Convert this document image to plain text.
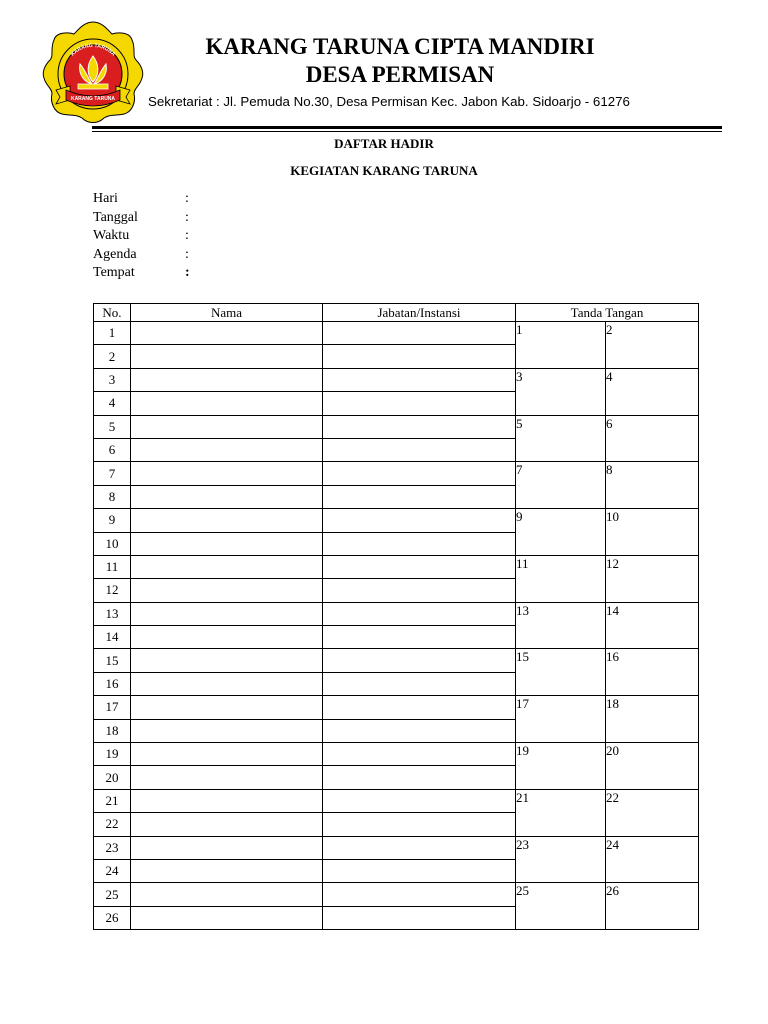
KARANG TARUNA
KARANG TARUNA
KARANG TARUNA CIPTA MANDIRI
DESA PERMISAN
Sekretariat : Jl. Pemuda No.30, Desa Permisan Kec. Jabon Kab. Sidoarjo - 61276
DAFTAR HADIR
KEGIATAN KARANG TARUNA
Hari	:
Tanggal	:
Waktu	:
Agenda	:
Tempat	:
No.	Nama	Jabatan/Instansi	Tanda Tangan	
1			1	2
2				
3			3	4
4				
5			5	6
6				
7			7	8
8				
9			9	10
10				
11			11	12
12				
13			13	14
14				
15			15	16
16				
17			17	18
18				
19			19	20
20				
21			21	22
22				
23			23	24
24				
25			25	26
26				
